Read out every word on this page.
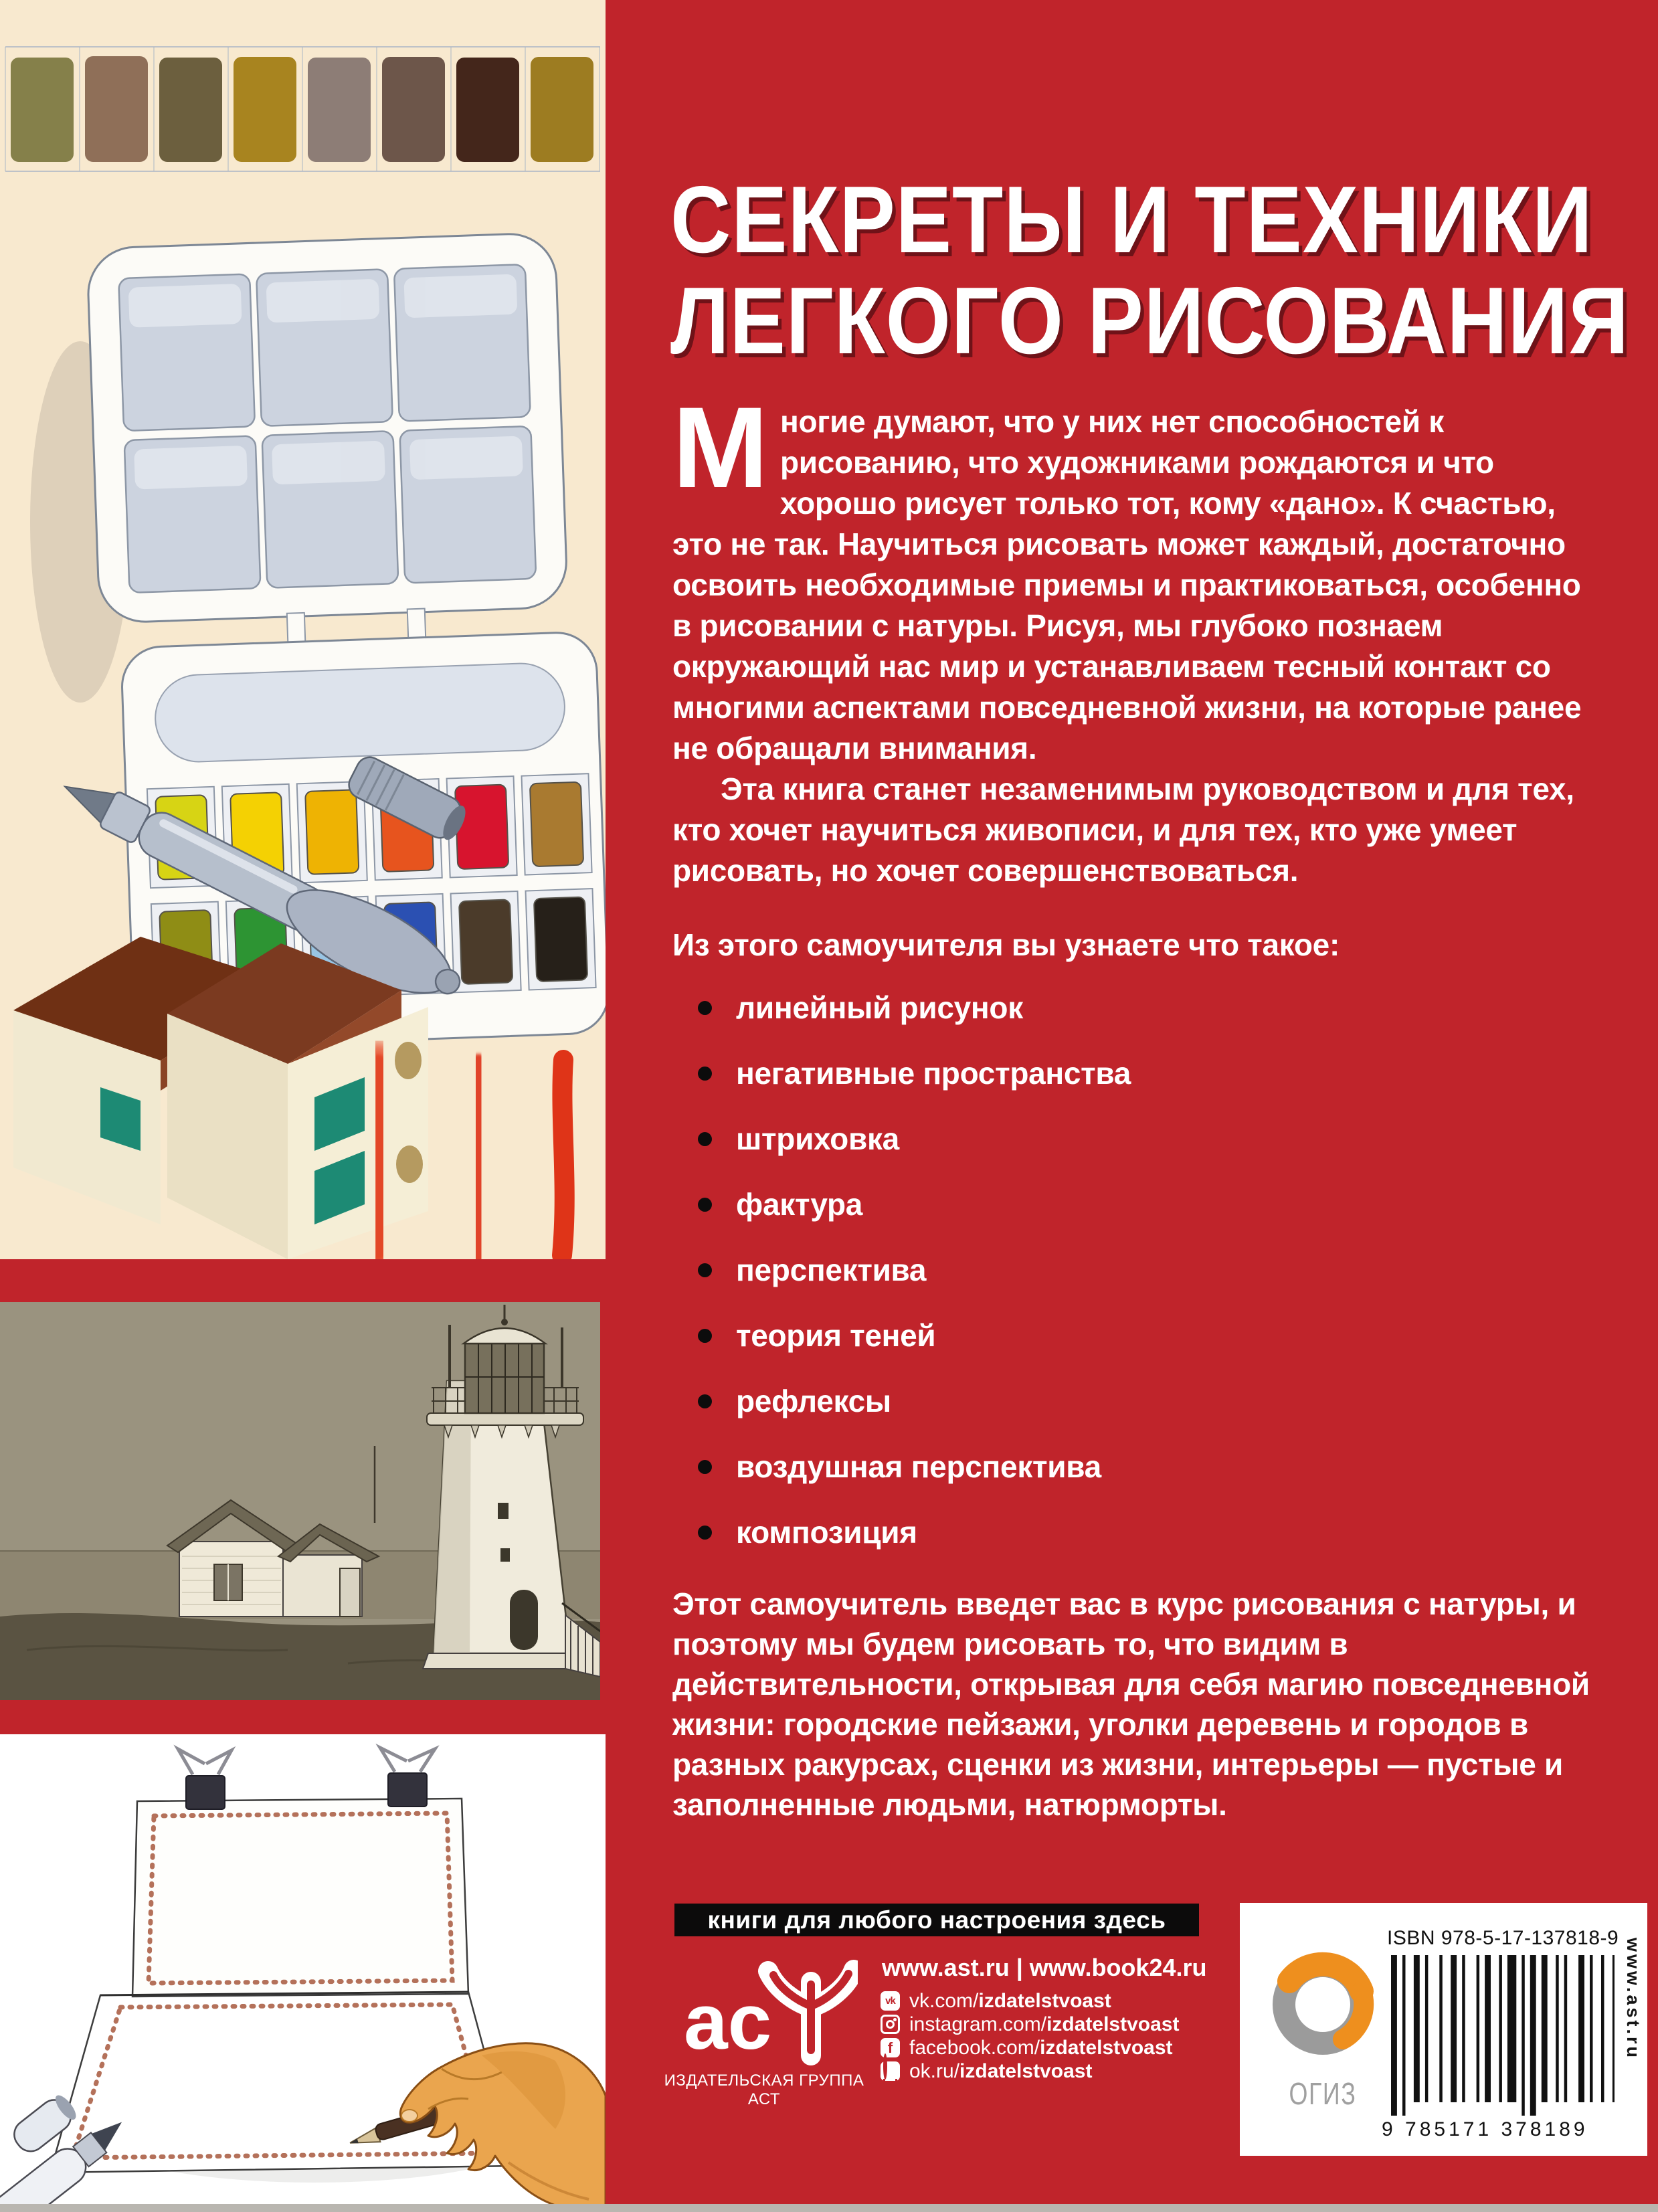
СЕКРЕТЫ И ТЕХНИКИ
ЛЕГКОГО РИСОВАНИЯ

Многие думают, что у них нет способностей к рисованию, что художниками рождаются и что хорошо рисует только тот, кому «дано». К счастью, это не так. Научиться рисовать может каждый, достаточно освоить необходимые приемы и практиковаться, особенно в рисовании с натуры. Рисуя, мы глубоко познаем окружающий нас мир и устанавливаем тесный контакт со многими аспектами повседневной жизни, на которые ранее не обращали внимания.

Эта книга станет незаменимым руководством и для тех, кто хочет научиться живописи, и для тех, кто уже умеет рисовать, но хочет совершенствоваться.

Из этого самоучителя вы узнаете что такое:

линейный рисунок
негативные пространства
штриховка
фактура
перспектива
теория теней
рефлексы
воздушная перспектива
композиция

Этот самоучитель введет вас в курс рисования с натуры, и поэтому мы будем рисовать то, что видим в действительности, открывая для себя магию повседневной жизни: городские пейзажи, уголки деревень и городов в разных ракурсах, сценки из жизни, интерьеры — пустые и заполненные людьми, натюрморты.

книги для любого настроения здесь
ас
ИЗДАТЕЛЬСКАЯ ГРУППА АСТ
www.ast.ru | www.book24.ru
vk vk.com/izdatelstvoast
instagram.com/izdatelstvoast
f facebook.com/izdatelstvoast
ok.ru/izdatelstvoast
ОГИЗ
ISBN 978-5-17-137818-9
9 785171 378189
www.ast.ru
